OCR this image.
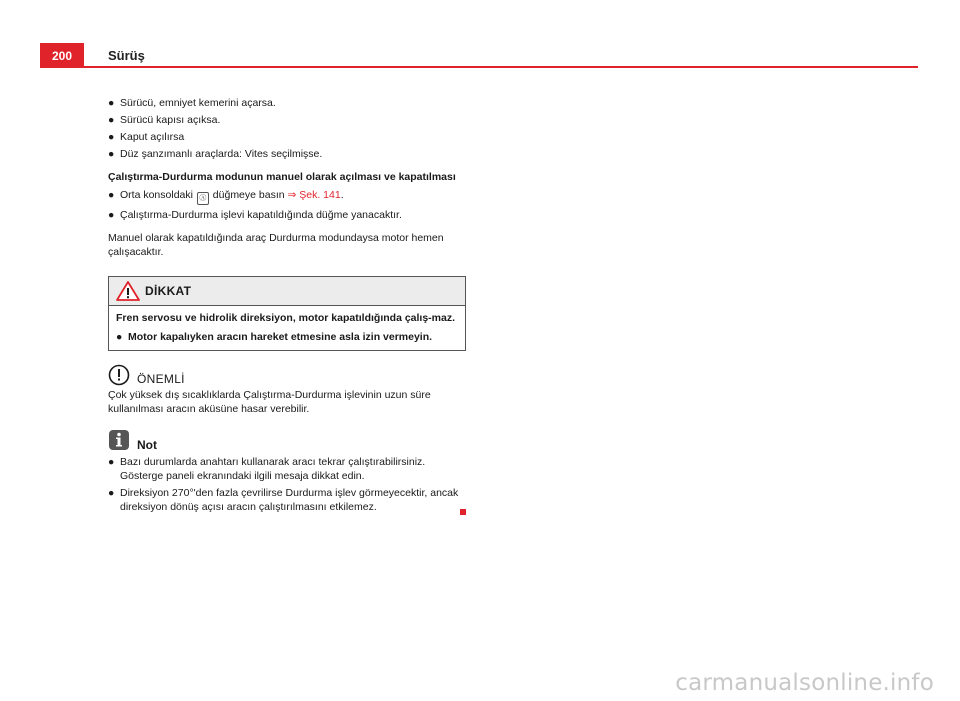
200	Sürüş
● Sürücü, emniyet kemerini açarsa.
● Sürücü kapısı açıksa.
● Kaput açılırsa
● Düz şanzımanlı araçlarda: Vites seçilmişse.
Çalıştırma-Durdurma modunun manuel olarak açılması ve kapatılması
● Orta konsoldaki Ⓐ düğmeye basın ⇒ Şek. 141.
● Çalıştırma-Durdurma işlevi kapatıldığında düğme yanacaktır.

Manuel olarak kapatıldığında araç Durdurma modundaysa motor hemen çalışacaktır.

DİKKAT

Fren servosu ve hidrolik direksiyon, motor kapatıldığında çalış-maz.

● Motor kapalıyken aracın hareket etmesine asla izin vermeyin.
ÖNEMLİ

Çok yüksek dış sıcaklıklarda Çalıştırma-Durdurma işlevinin uzun süre kullanılması aracın aküsüne hasar verebilir.

Not
● Bazı durumlarda anahtarı kullanarak aracı tekrar çalıştırabilirsiniz. Gösterge paneli ekranındaki ilgili mesaja dikkat edin.
● Direksiyon 270°'den fazla çevrilirse Durdurma işlev görmeyecektir, ancak direksiyon dönüş açısı aracın çalıştırılmasını etkilemez.
carmanualsonline.info
